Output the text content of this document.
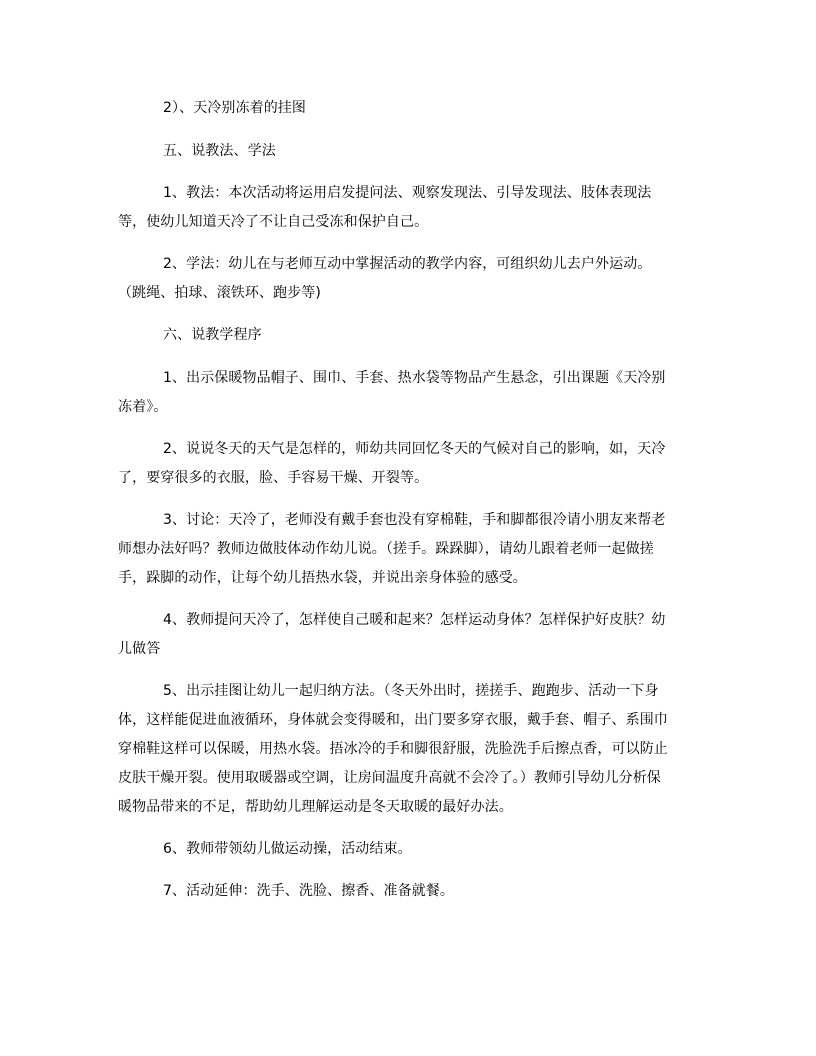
2）、天冷别冻着的挂图
五、说教法、学法
1、教法：本次活动将运用启发提问法、观察发现法、引导发现法、肢体表现法
等，使幼儿知道天冷了不让自己受冻和保护自己。
2、学法：幼儿在与老师互动中掌握活动的教学内容，可组织幼儿去户外运动。
（跳绳、拍球、滚铁环、跑步等)
六、说教学程序
1、出示保暖物品帽子、围巾、手套、热水袋等物品产生悬念，引出课题《天冷别
冻着》。
2、说说冬天的天气是怎样的，师幼共同回忆冬天的气候对自己的影响，如，天冷
了，要穿很多的衣服，脸、手容易干燥、开裂等。
3、讨论：天冷了，老师没有戴手套也没有穿棉鞋，手和脚都很冷请小朋友来帮老
师想办法好吗？教师边做肢体动作幼儿说。（搓手。跺跺脚），请幼儿跟着老师一起做搓
手，跺脚的动作，让每个幼儿捂热水袋，并说出亲身体验的感受。
4、教师提问天冷了，怎样使自己暖和起来？怎样运动身体？怎样保护好皮肤？幼
儿做答
5、出示挂图让幼儿一起归纳方法。（冬天外出时，搓搓手、跑跑步、活动一下身
体，这样能促进血液循环，身体就会变得暖和，出门要多穿衣服，戴手套、帽子、系围巾
穿棉鞋这样可以保暖，用热水袋。捂冰冷的手和脚很舒服，洗脸洗手后擦点香，可以防止
皮肤干燥开裂。使用取暖器或空调，让房间温度升高就不会冷了。）教师引导幼儿分析保
暖物品带来的不足，帮助幼儿理解运动是冬天取暖的最好办法。
6、教师带领幼儿做运动操，活动结束。
7、活动延伸：洗手、洗脸、擦香、准备就餐。
